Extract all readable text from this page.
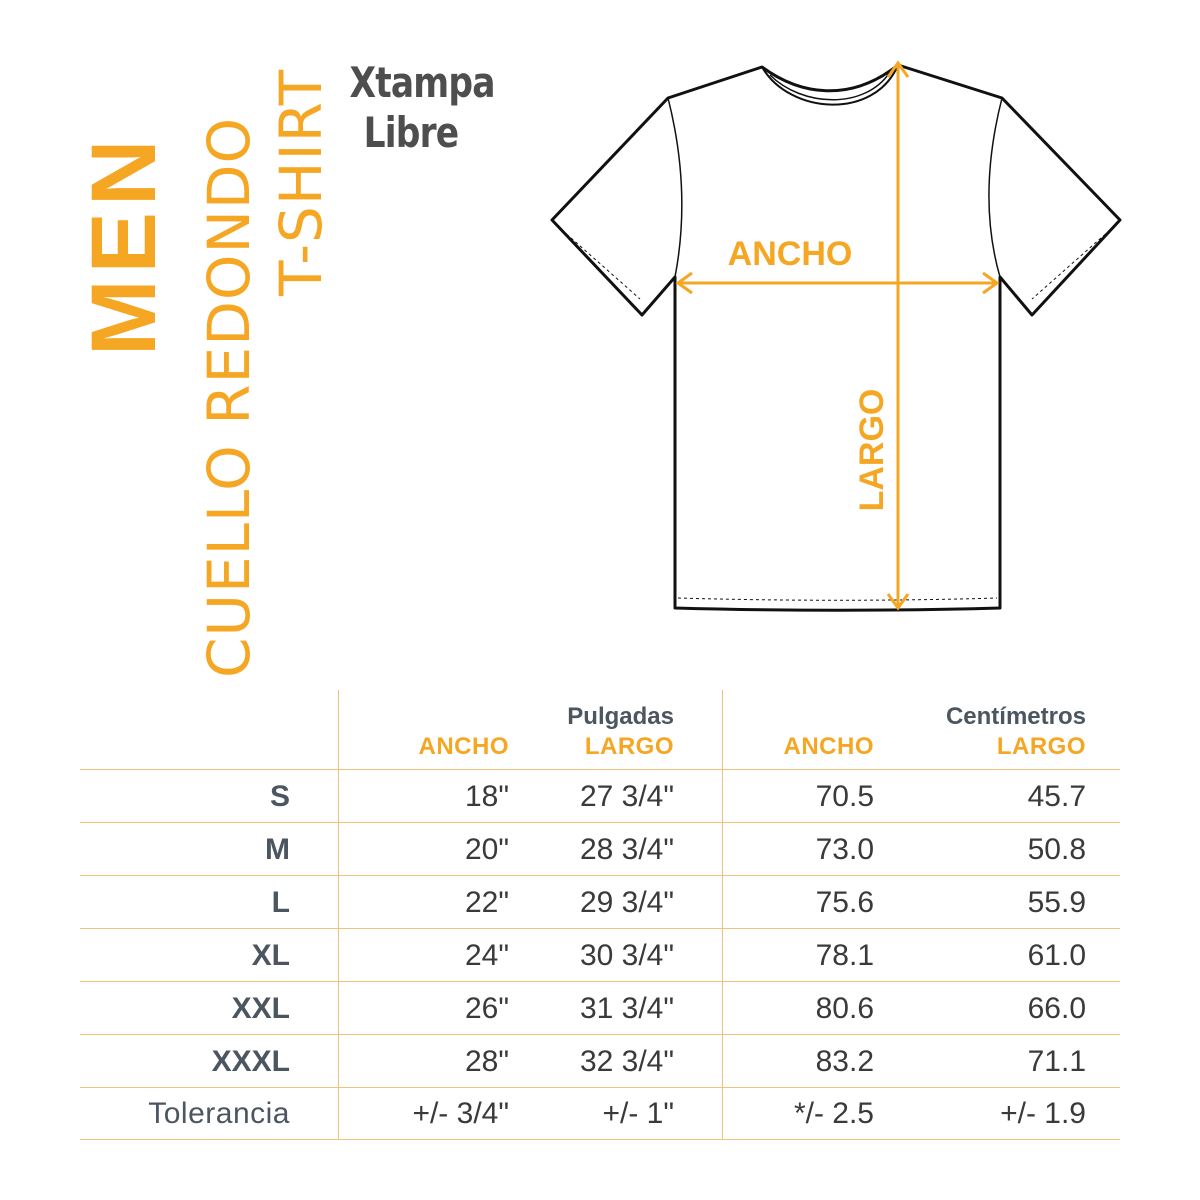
MEN CUELLO REDONDO T-SHIRT Xtampa
Libre
ANCHO
LARGO
Pulgadas	Centímetros
ANCHO	LARGO	ANCHO	LARGO
S	18" 27 3/4"	70.5	45.7
M	20" 28 3/4"	73.0	50.8
L	22" 29 3/4"	75.6	55.9
XL	24" 30 3/4"	78.1	61.0
XXL	26" 31 3/4"	80.6	66.0
XXXL	28" 32 3/4"	83.2	71.1
Tolerancia	+/- 3/4"	+/- 1"	*/- 2.5	+/- 1.9
